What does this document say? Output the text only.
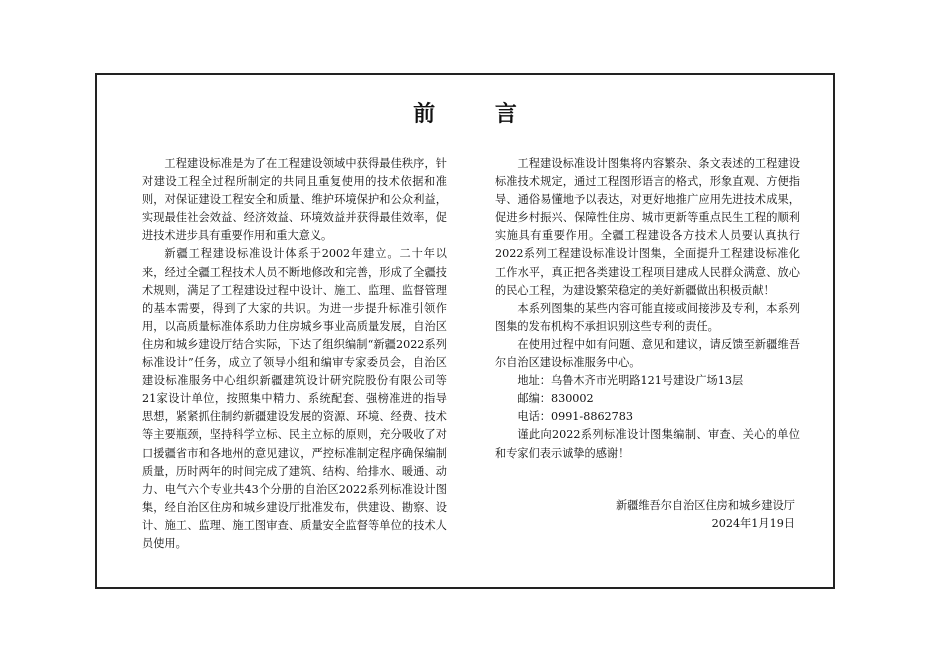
前 言

工程建设标准是为了在工程建设领域中获得最佳秩序，针对建设工程全过程所制定的共同且重复使用的技术依据和准则，对保证建设工程安全和质量、维护环境保护和公众利益，实现最佳社会效益、经济效益、环境效益并获得最佳效率，促进技术进步具有重要作用和重大意义。

新疆工程建设标准设计体系于2002年建立。二十年以来，经过全疆工程技术人员不断地修改和完善，形成了全疆技术规则，满足了工程建设过程中设计、施工、监理、监督管理的基本需要，得到了大家的共识。为进一步提升标准引领作用，以高质量标准体系助力住房城乡事业高质量发展，自治区住房和城乡建设厅结合实际，下达了组织编制“新疆2022系列标准设计”任务，成立了领导小组和编审专家委员会，自治区建设标准服务中心组织新疆建筑设计研究院股份有限公司等21家设计单位，按照集中精力、系统配套、强榜准进的指导思想，紧紧抓住制约新疆建设发展的资源、环境、经费、技术等主要瓶颈，坚持科学立标、民主立标的原则，充分吸收了对口援疆省市和各地州的意见建议，严控标准制定程序确保编制质量，历时两年的时间完成了建筑、结构、给排水、暖通、动力、电气六个专业共43个分册的自治区2022系列标准设计图集，经自治区住房和城乡建设厅批准发布，供建设、勘察、设计、施工、监理、施工图审查、质量安全监督等单位的技术人员使用。

工程建设标准设计图集将内容繁杂、条文表述的工程建设标准技术规定，通过工程图形语言的格式，形象直观、方便指导、通俗易懂地予以表达，对更好地推广应用先进技术成果，促进乡村振兴、保障性住房、城市更新等重点民生工程的顺利实施具有重要作用。全疆工程建设各方技术人员要认真执行2022系列工程建设标准设计图集，全面提升工程建设标准化工作水平，真正把各类建设工程项目建成人民群众满意、放心的民心工程，为建设繁荣稳定的美好新疆做出积极贡献！

本系列图集的某些内容可能直接或间接涉及专利，本系列图集的发布机构不承担识别这些专利的责任。

在使用过程中如有问题、意见和建议，请反馈至新疆维吾尔自治区建设标准服务中心。

地址：乌鲁木齐市光明路121号建设广场13层
邮编：830002
电话：0991-8862783

谨此向2022系列标准设计图集编制、审查、关心的单位和专家们表示诚挚的感谢！

新疆维吾尔自治区住房和城乡建设厅
2024年1月19日
